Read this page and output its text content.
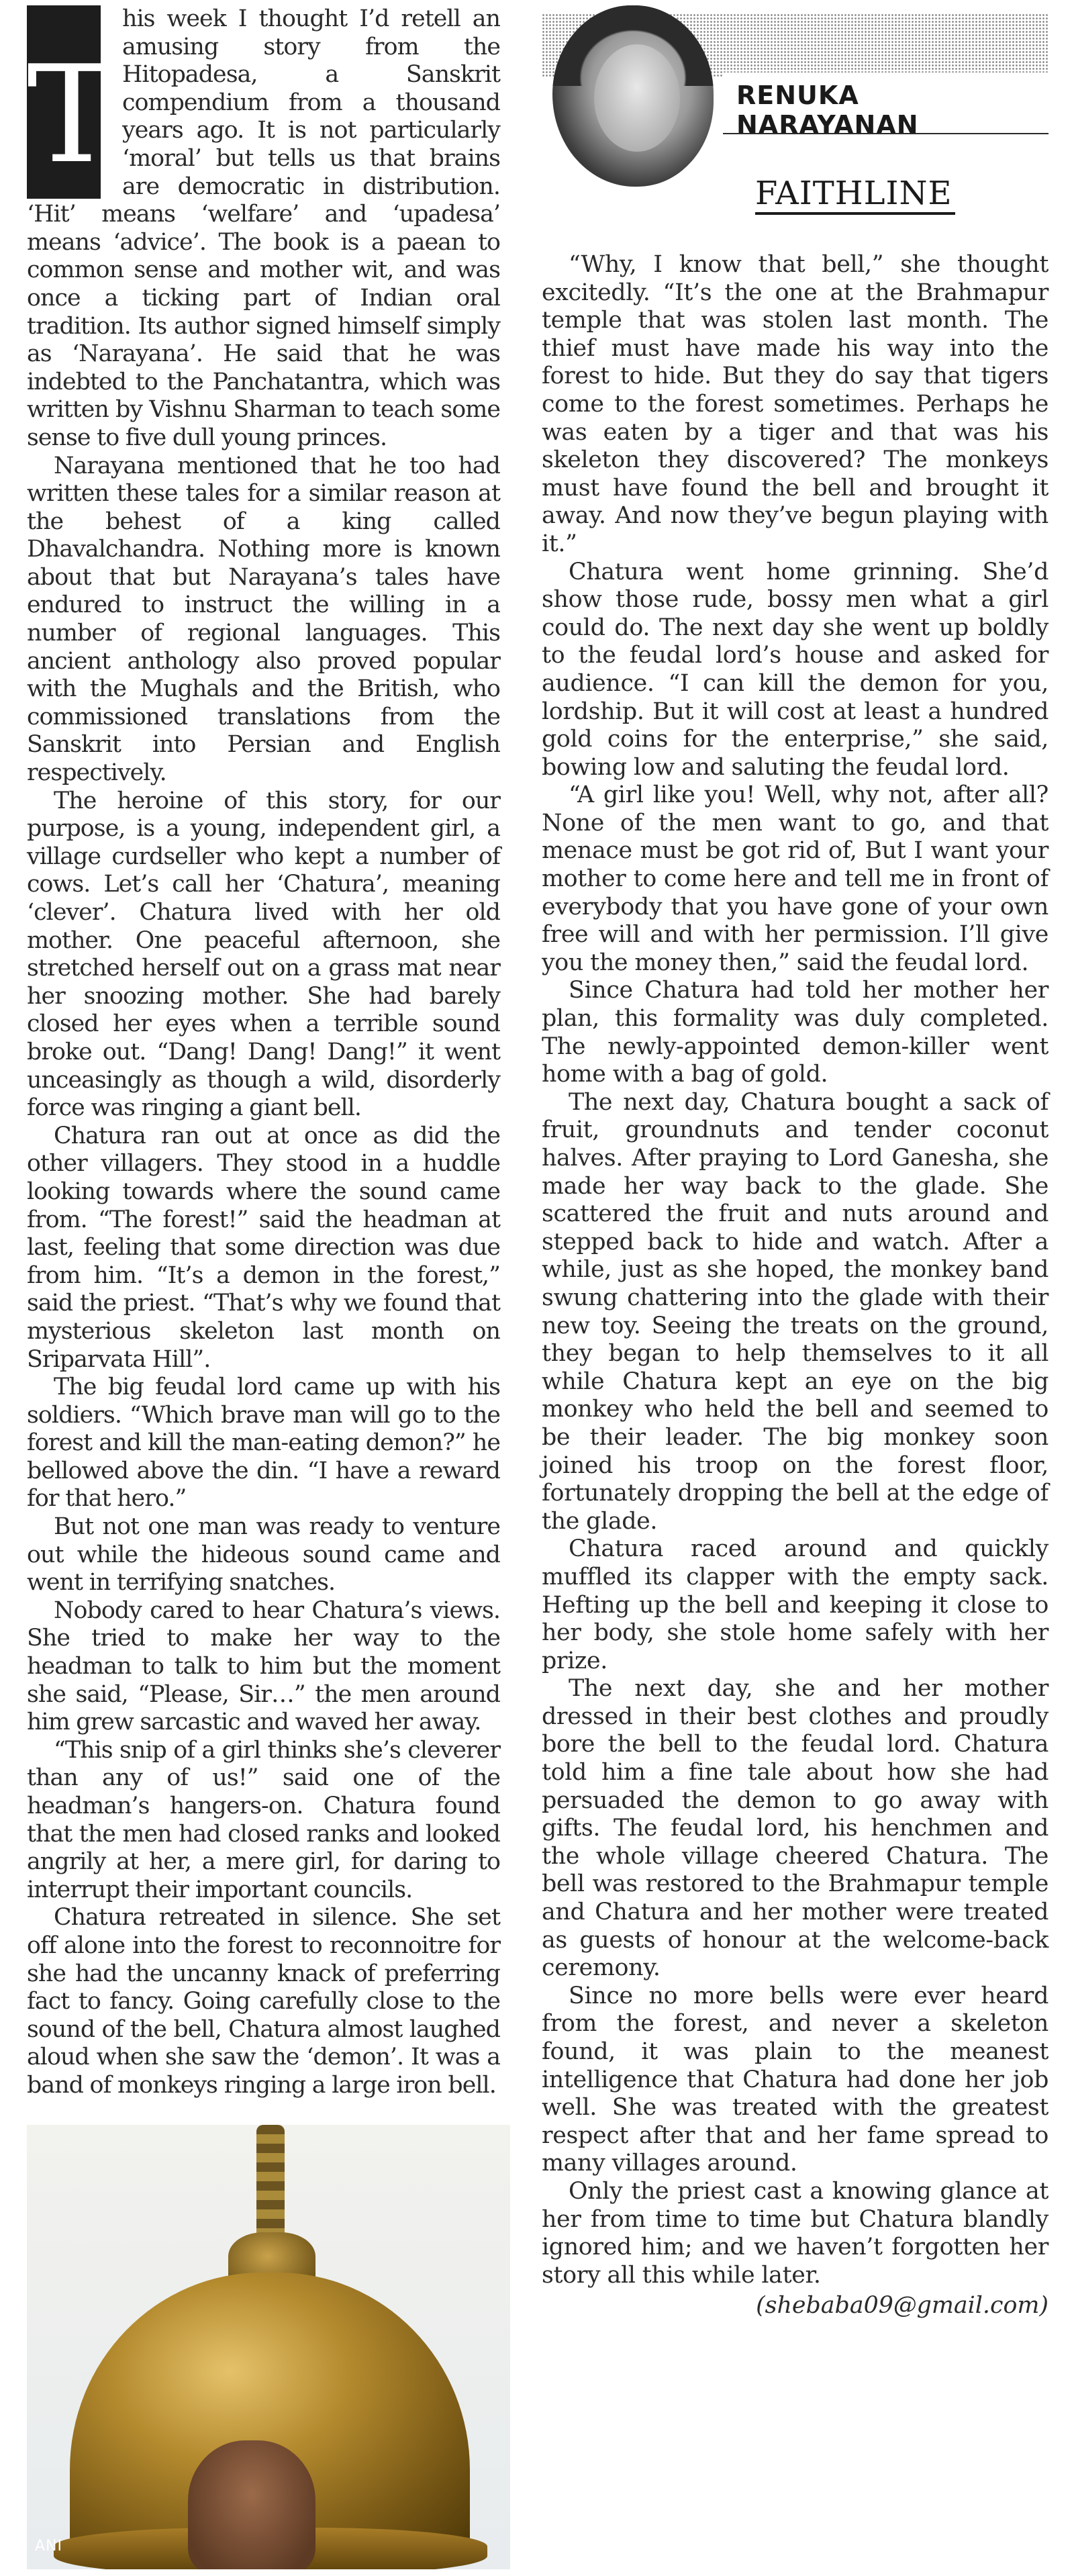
T

his week I thought I’d retell an amusing story from the Hitopadesa, a Sanskrit compendium from a thousand years ago. It is not particularly ‘moral’ but tells us that brains are democratic in distribution. ‘Hit’ means ‘welfare’ and ‘upadesa’ means ‘advice’. The book is a paean to common sense and mother wit, and was once a ticking part of Indian oral tradition. Its author signed himself simply as ‘Narayana’. He said that he was indebted to the Panchatantra, which was written by Vishnu Sharman to teach some sense to five dull young princes.

Narayana mentioned that he too had written these tales for a similar reason at the behest of a king called Dhavalchandra. Nothing more is known about that but Narayana’s tales have endured to instruct the willing in a number of regional languages. This ancient anthology also proved popular with the Mughals and the British, who commissioned translations from the Sanskrit into Persian and English respectively.

The heroine of this story, for our purpose, is a young, independent girl, a village curdseller who kept a number of cows. Let’s call her ‘Chatura’, meaning ‘clever’. Chatura lived with her old mother. One peaceful afternoon, she stretched herself out on a grass mat near her snoozing mother. She had barely closed her eyes when a terrible sound broke out. “Dang! Dang! Dang!” it went unceasingly as though a wild, disorderly force was ringing a giant bell.

Chatura ran out at once as did the other villagers. They stood in a huddle looking towards where the sound came from. “The forest!” said the headman at last, feeling that some direction was due from him. “It’s a demon in the forest,” said the priest. “That’s why we found that mysterious skeleton last month on Sriparvata Hill”.

The big feudal lord came up with his soldiers. “Which brave man will go to the forest and kill the man-eating demon?” he bellowed above the din. “I have a reward for that hero.”

But not one man was ready to venture out while the hideous sound came and went in terrifying snatches.

Nobody cared to hear Chatura’s views. She tried to make her way to the headman to talk to him but the moment she said, “Please, Sir…” the men around him grew sarcastic and waved her away.

“This snip of a girl thinks she’s cleverer than any of us!” said one of the headman’s hangers-on. Chatura found that the men had closed ranks and looked angrily at her, a mere girl, for daring to interrupt their important councils.

Chatura retreated in silence. She set off alone into the forest to reconnoitre for she had the uncanny knack of preferring fact to fancy. Going carefully close to the sound of the bell, Chatura almost laughed aloud when she saw the ‘demon’. It was a band of monkeys ringing a large iron bell.

ANI
RENUKA NARAYANAN
FAITHLINE

“Why, I know that bell,” she thought excitedly. “It’s the one at the Brahmapur temple that was stolen last month. The thief must have made his way into the forest to hide. But they do say that tigers come to the forest sometimes. Perhaps he was eaten by a tiger and that was his skeleton they discovered? The monkeys must have found the bell and brought it away. And now they’ve begun playing with it.”

Chatura went home grinning. She’d show those rude, bossy men what a girl could do. The next day she went up boldly to the feudal lord’s house and asked for audience. “I can kill the demon for you, lordship. But it will cost at least a hundred gold coins for the enterprise,” she said, bowing low and saluting the feudal lord.

“A girl like you! Well, why not, after all? None of the men want to go, and that menace must be got rid of, But I want your mother to come here and tell me in front of everybody that you have gone of your own free will and with her permission. I’ll give you the money then,” said the feudal lord.

Since Chatura had told her mother her plan, this formality was duly completed. The newly-appointed demon-killer went home with a bag of gold.

The next day, Chatura bought a sack of fruit, groundnuts and tender coconut halves. After praying to Lord Ganesha, she made her way back to the glade. She scattered the fruit and nuts around and stepped back to hide and watch. After a while, just as she hoped, the monkey band swung chattering into the glade with their new toy. Seeing the treats on the ground, they began to help themselves to it all while Chatura kept an eye on the big monkey who held the bell and seemed to be their leader. The big monkey soon joined his troop on the forest floor, fortunately dropping the bell at the edge of the glade.

Chatura raced around and quickly muffled its clapper with the empty sack. Hefting up the bell and keeping it close to her body, she stole home safely with her prize.

The next day, she and her mother dressed in their best clothes and proudly bore the bell to the feudal lord. Chatura told him a fine tale about how she had persuaded the demon to go away with gifts. The feudal lord, his henchmen and the whole village cheered Chatura. The bell was restored to the Brahmapur temple and Chatura and her mother were treated as guests of honour at the welcome-back ceremony.

Since no more bells were ever heard from the forest, and never a skeleton found, it was plain to the meanest intelligence that Chatura had done her job well. She was treated with the greatest respect after that and her fame spread to many villages around.

Only the priest cast a knowing glance at her from time to time but Chatura blandly ignored him; and we haven’t forgotten her story all this while later.

(shebaba09@gmail.com)
